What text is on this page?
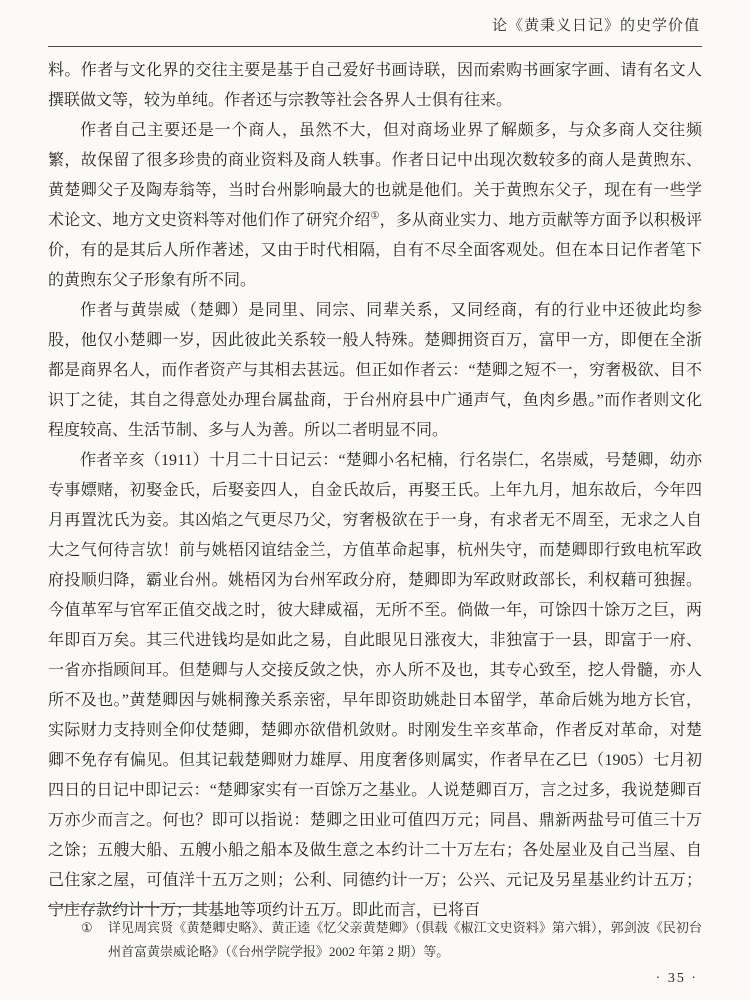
论《黄秉义日记》的史学价值

料。作者与文化界的交往主要是基于自己爱好书画诗联，因而索购书画家字画、请有名文人撰联做文等，较为单纯。作者还与宗教等社会各界人士俱有往来。

作者自己主要还是一个商人，虽然不大，但对商场业界了解颇多，与众多商人交往频繁，故保留了很多珍贵的商业资料及商人轶事。作者日记中出现次数较多的商人是黄煦东、黄楚卿父子及陶寿翁等，当时台州影响最大的也就是他们。关于黄煦东父子，现在有一些学术论文、地方文史资料等对他们作了研究介绍①，多从商业实力、地方贡献等方面予以积极评价，有的是其后人所作著述，又由于时代相隔，自有不尽全面客观处。但在本日记作者笔下的黄煦东父子形象有所不同。

作者与黄崇威（楚卿）是同里、同宗、同辈关系，又同经商，有的行业中还彼此均参股，他仅小楚卿一岁，因此彼此关系较一般人特殊。楚卿拥资百万，富甲一方，即便在全浙都是商界名人，而作者资产与其相去甚远。但正如作者云：“楚卿之短不一，穷奢极欲、目不识丁之徒，其自之得意处办理台属盐商，于台州府县中广通声气，鱼肉乡愚。”而作者则文化程度较高、生活节制、多与人为善。所以二者明显不同。

作者辛亥（1911）十月二十日记云：“楚卿小名杞楠，行名崇仁，名崇威，号楚卿，幼亦专事嫖赌，初娶金氏，后娶妾四人，自金氏故后，再娶王氏。上年九月，旭东故后，今年四月再置沈氏为妾。其凶焰之气更尽乃父，穷奢极欲在于一身，有求者无不周至，无求之人自大之气何待言欤！前与姚梧冈谊结金兰，方值革命起事，杭州失守，而楚卿即行致电杭军政府投顺归降，霸业台州。姚梧冈为台州军政分府，楚卿即为军政财政部长，利权藉可独握。今值革军与官军正值交战之时，彼大肆威福，无所不至。倘做一年，可馀四十馀万之巨，两年即百万矣。其三代进钱均是如此之易，自此眼见日涨夜大，非独富于一县，即富于一府、一省亦指顾间耳。但楚卿与人交接反敛之快，亦人所不及也，其专心致至，挖人骨髓，亦人所不及也。”黄楚卿因与姚桐豫关系亲密，早年即资助姚赴日本留学，革命后姚为地方长官，实际财力支持则全仰仗楚卿，楚卿亦欲借机敛财。时刚发生辛亥革命，作者反对革命，对楚卿不免存有偏见。但其记载楚卿财力雄厚、用度奢侈则属实，作者早在乙巳（1905）七月初四日的日记中即记云：“楚卿家实有一百馀万之基业。人说楚卿百万，言之过多，我说楚卿百万亦少而言之。何也？即可以指说：楚卿之田业可值四万元；同昌、鼎新两盐号可值三十万之馀；五艘大船、五艘小船之船本及做生意之本约计二十万左右；各处屋业及自己当屋、自己住家之屋，可值洋十五万之则；公利、同德约计一万；公兴、元记及另星基业约计五万；宁庄存款约计十万；其基地等项约计五万。即此而言，已将百

①	详见周宾贤《黄楚卿史略》、黄正逵《忆父亲黄楚卿》（俱载《椒江文史资料》第六辑），郭剑波《民初台州首富黄崇威论略》（《台州学院学报》2002 年第 2 期）等。
· 35 ·
